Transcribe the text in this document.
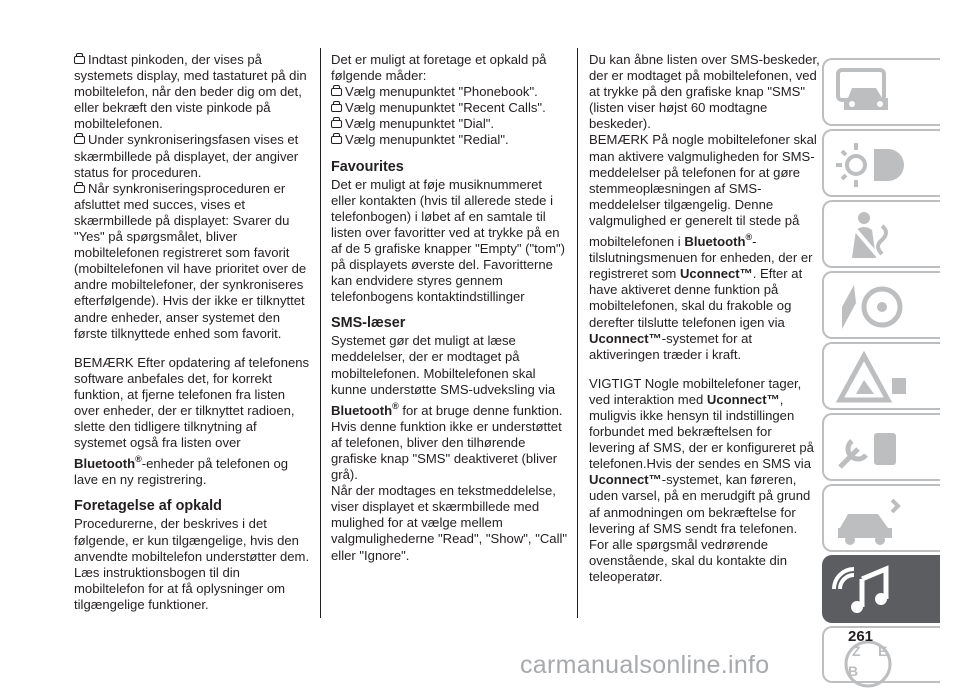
Indtast pinkoden, der vises på systemets display, med tastaturet på din mobiltelefon, når den beder dig om det, eller bekræft den viste pinkode på mobiltelefonen.

Under synkroniseringsfasen vises et skærmbillede på displayet, der angiver status for proceduren.

Når synkroniseringsproceduren er afsluttet med succes, vises et skærmbillede på displayet: Svarer du "Yes" på spørgsmålet, bliver mobiltelefonen registreret som favorit (mobiltelefonen vil have prioritet over de andre mobiltelefoner, der synkroniseres efterfølgende). Hvis der ikke er tilknyttet andre enheder, anser systemet den første tilknyttede enhed som favorit.

BEMÆRK Efter opdatering af telefonens software anbefales det, for korrekt funktion, at fjerne telefonen fra listen over enheder, der er tilknyttet radioen, slette den tidligere tilknytning af systemet også fra listen over Bluetooth®-enheder på telefonen og lave en ny registrering.

Foretagelse af opkald

Procedurerne, der beskrives i det følgende, er kun tilgængelige, hvis den anvendte mobiltelefon understøtter dem. Læs instruktionsbogen til din mobiltelefon for at få oplysninger om tilgængelige funktioner.

Det er muligt at foretage et opkald på følgende måder:

Vælg menupunktet "Phonebook".

Vælg menupunktet "Recent Calls".

Vælg menupunktet "Dial".

Vælg menupunktet "Redial".

Favourites

Det er muligt at føje musiknummeret eller kontakten (hvis til allerede stede i telefonbogen) i løbet af en samtale til listen over favoritter ved at trykke på en af de 5 grafiske knapper "Empty" ("tom") på displayets øverste del. Favoritterne kan endvidere styres gennem telefonbogens kontaktindstillinger

SMS-læser

Systemet gør det muligt at læse meddelelser, der er modtaget på mobiltelefonen. Mobiltelefonen skal kunne understøtte SMS-udveksling via Bluetooth® for at bruge denne funktion.

Hvis denne funktion ikke er understøttet af telefonen, bliver den tilhørende grafiske knap "SMS" deaktiveret (bliver grå).

Når der modtages en tekstmeddelelse, viser displayet et skærmbillede med mulighed for at vælge mellem valgmulighederne "Read", "Show", "Call" eller "Ignore".

Du kan åbne listen over SMS-beskeder, der er modtaget på mobiltelefonen, ved at trykke på den grafiske knap "SMS" (listen viser højst 60 modtagne beskeder).

BEMÆRK På nogle mobiltelefoner skal man aktivere valgmuligheden for SMS-meddelelser på telefonen for at gøre stemmeoplæsningen af SMS-meddelelser tilgængelig. Denne valgmulighed er generelt til stede på mobiltelefonen i Bluetooth®-tilslutningsmenuen for enheden, der er registreret som Uconnect™. Efter at have aktiveret denne funktion på mobiltelefonen, skal du frakoble og derefter tilslutte telefonen igen via Uconnect™-systemet for at aktiveringen træder i kraft.

VIGTIGT Nogle mobiltelefoner tager, ved interaktion med Uconnect™, muligvis ikke hensyn til indstillingen forbundet med bekræftelsen for levering af SMS, der er konfigureret på telefonen.Hvis der sendes en SMS via Uconnect™-systemet, kan føreren, uden varsel, på en merudgift på grund af anmodningen om bekræftelse for levering af SMS sendt fra telefonen. For alle spørgsmål vedrørende ovenstående, skal du kontakte din teleoperatør.

Z E
B
261
carmanualsonline.info
